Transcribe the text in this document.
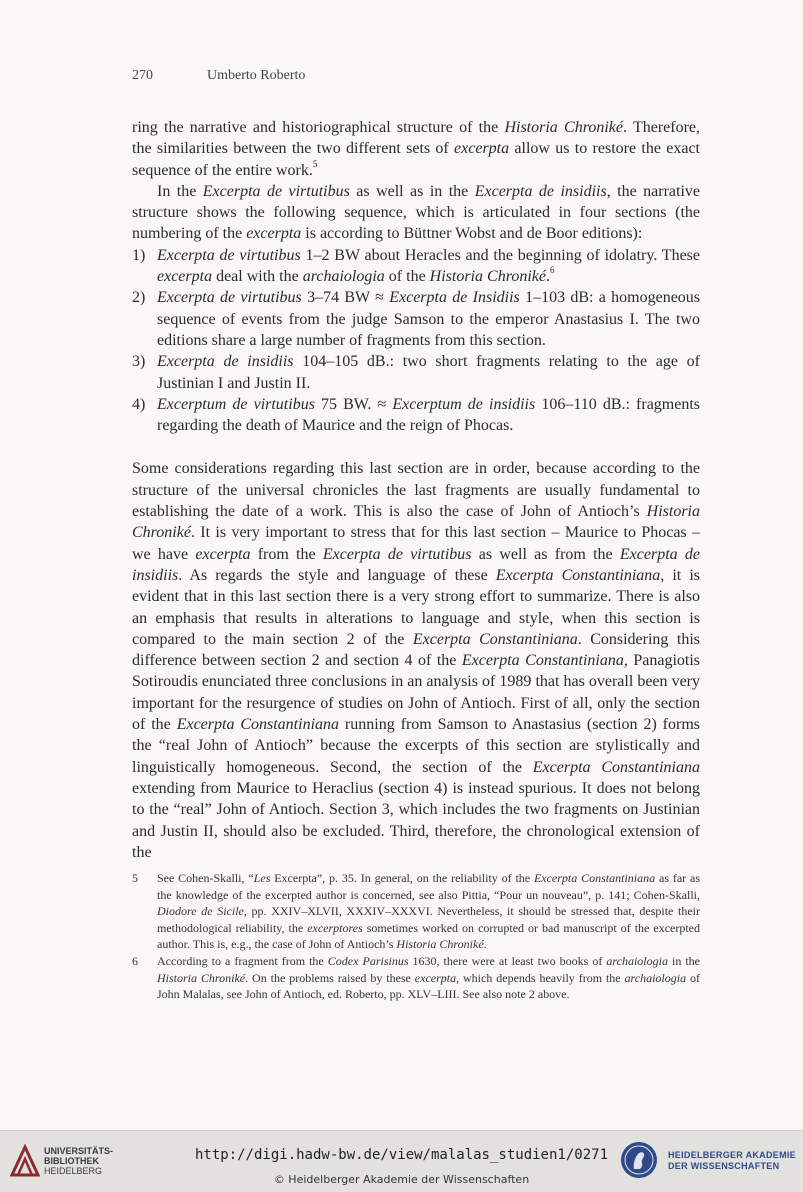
270	Umberto Roberto

ring the narrative and historiographical structure of the Historia Chroniké. Therefore, the similarities between the two different sets of excerpta allow us to restore the exact sequence of the entire work.$^5$

In the Excerpta de virtutibus as well as in the Excerpta de insidiis, the narrative structure shows the following sequence, which is articulated in four sections (the numbering of the excerpta is according to Büttner Wobst and de Boor editions):

1) Excerpta de virtutibus 1–2 BW about Heracles and the beginning of idolatry. These excerpta deal with the archaiologia of the Historia Chroniké.$^6$
2) Excerpta de virtutibus 3–74 BW ≈ Excerpta de Insidiis 1–103 dB: a homogeneous sequence of events from the judge Samson to the emperor Anastasius I. The two editions share a large number of fragments from this section.
3) Excerpta de insidiis 104–105 dB.: two short fragments relating to the age of Justinian I and Justin II.
4) Excerptum de virtutibus 75 BW. ≈ Excerptum de insidiis 106–110 dB.: fragments regarding the death of Maurice and the reign of Phocas.

Some considerations regarding this last section are in order, because according to the structure of the universal chronicles the last fragments are usually fundamental to establishing the date of a work. This is also the case of John of Antioch’s Historia Chroniké. It is very important to stress that for this last section – Maurice to Phocas – we have excerpta from the Excerpta de virtutibus as well as from the Excerpta de insidiis. As regards the style and language of these Excerpta Constantiniana, it is evident that in this last section there is a very strong effort to summarize. There is also an emphasis that results in alterations to language and style, when this section is compared to the main section 2 of the Excerpta Constantiniana. Considering this difference between section 2 and section 4 of the Excerpta Constantiniana, Panagiotis Sotiroudis enunciated three conclusions in an analysis of 1989 that has overall been very important for the resurgence of studies on John of Antioch. First of all, only the section of the Excerpta Constantiniana running from Samson to Anastasius (section 2) forms the “real John of Antioch” because the excerpts of this section are stylistically and linguistically homogeneous. Second, the section of the Excerpta Constantiniana extending from Maurice to Heraclius (section 4) is instead spurious. It does not belong to the “real” John of Antioch. Section 3, which includes the two fragments on Justinian and Justin II, should also be excluded. Third, therefore, the chronological extension of the

5 See Cohen-Skalli, “Les Excerpta”, p. 35. In general, on the reliability of the Excerpta Constantiniana as far as the knowledge of the excerpted author is concerned, see also Pittia, “Pour un nouveau”, p. 141; Cohen-Skalli, Diodore de Sicile, pp. XXIV–XLVII, XXXIV–XXXVI. Nevertheless, it should be stressed that, despite their methodological reliability, the excerptores sometimes worked on corrupted or bad manuscript of the excerpted author. This is, e.g., the case of John of Antioch’s Historia Chroniké.
6 According to a fragment from the Codex Parisinus 1630, there were at least two books of archaiologia in the Historia Chroniké. On the problems raised by these excerpta, which depends heavily from the archaiologia of John Malalas, see John of Antioch, ed. Roberto, pp. XLV–LIII. See also note 2 above.
UNIVERSITÄTS-
BIBLIOTHEK
HEIDELBERG
http://digi.hadw-bw.de/view/malalas_studien1/0271
© Heidelberger Akademie der Wissenschaften
HEIDELBERGER AKADEMIE
DER WISSENSCHAFTEN
